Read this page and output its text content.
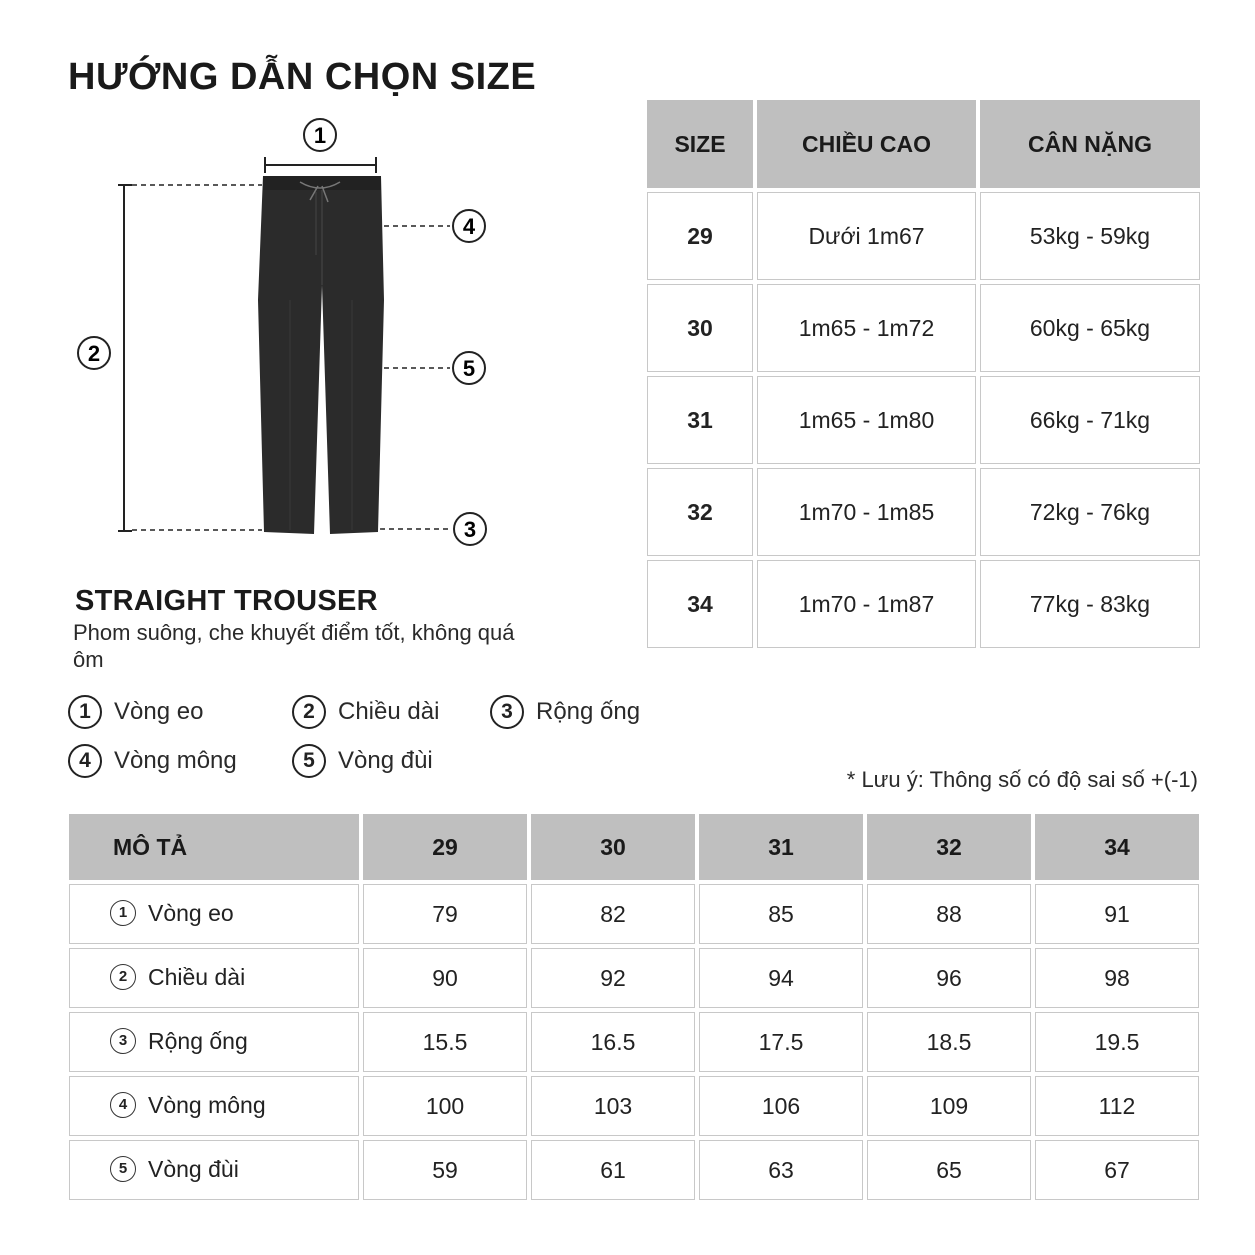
HƯỚNG DẪN CHỌN SIZE
1
2
4
5
3
STRAIGHT TROUSER
Phom suông, che khuyết điểm tốt, không quá ôm
1 Vòng eo	2 Chiều dài	3 Rộng ống
4 Vòng mông	5 Vòng đùi
SIZE	CHIỀU CAO	CÂN NẶNG
29	Dưới 1m67	53kg - 59kg
30	1m65 - 1m72	60kg - 65kg
31	1m65 - 1m80	66kg - 71kg
32	1m70 - 1m85	72kg - 76kg
34	1m70 - 1m87	77kg - 83kg
* Lưu ý: Thông số có độ sai số +(-1)
MÔ TẢ	29	30	31	32	34
1 Vòng eo	79	82	85	88	91
2 Chiều dài	90	92	94	96	98
3 Rộng ống	15.5	16.5	17.5	18.5	19.5
4 Vòng mông	100	103	106	109	112
5 Vòng đùi	59	61	63	65	67
